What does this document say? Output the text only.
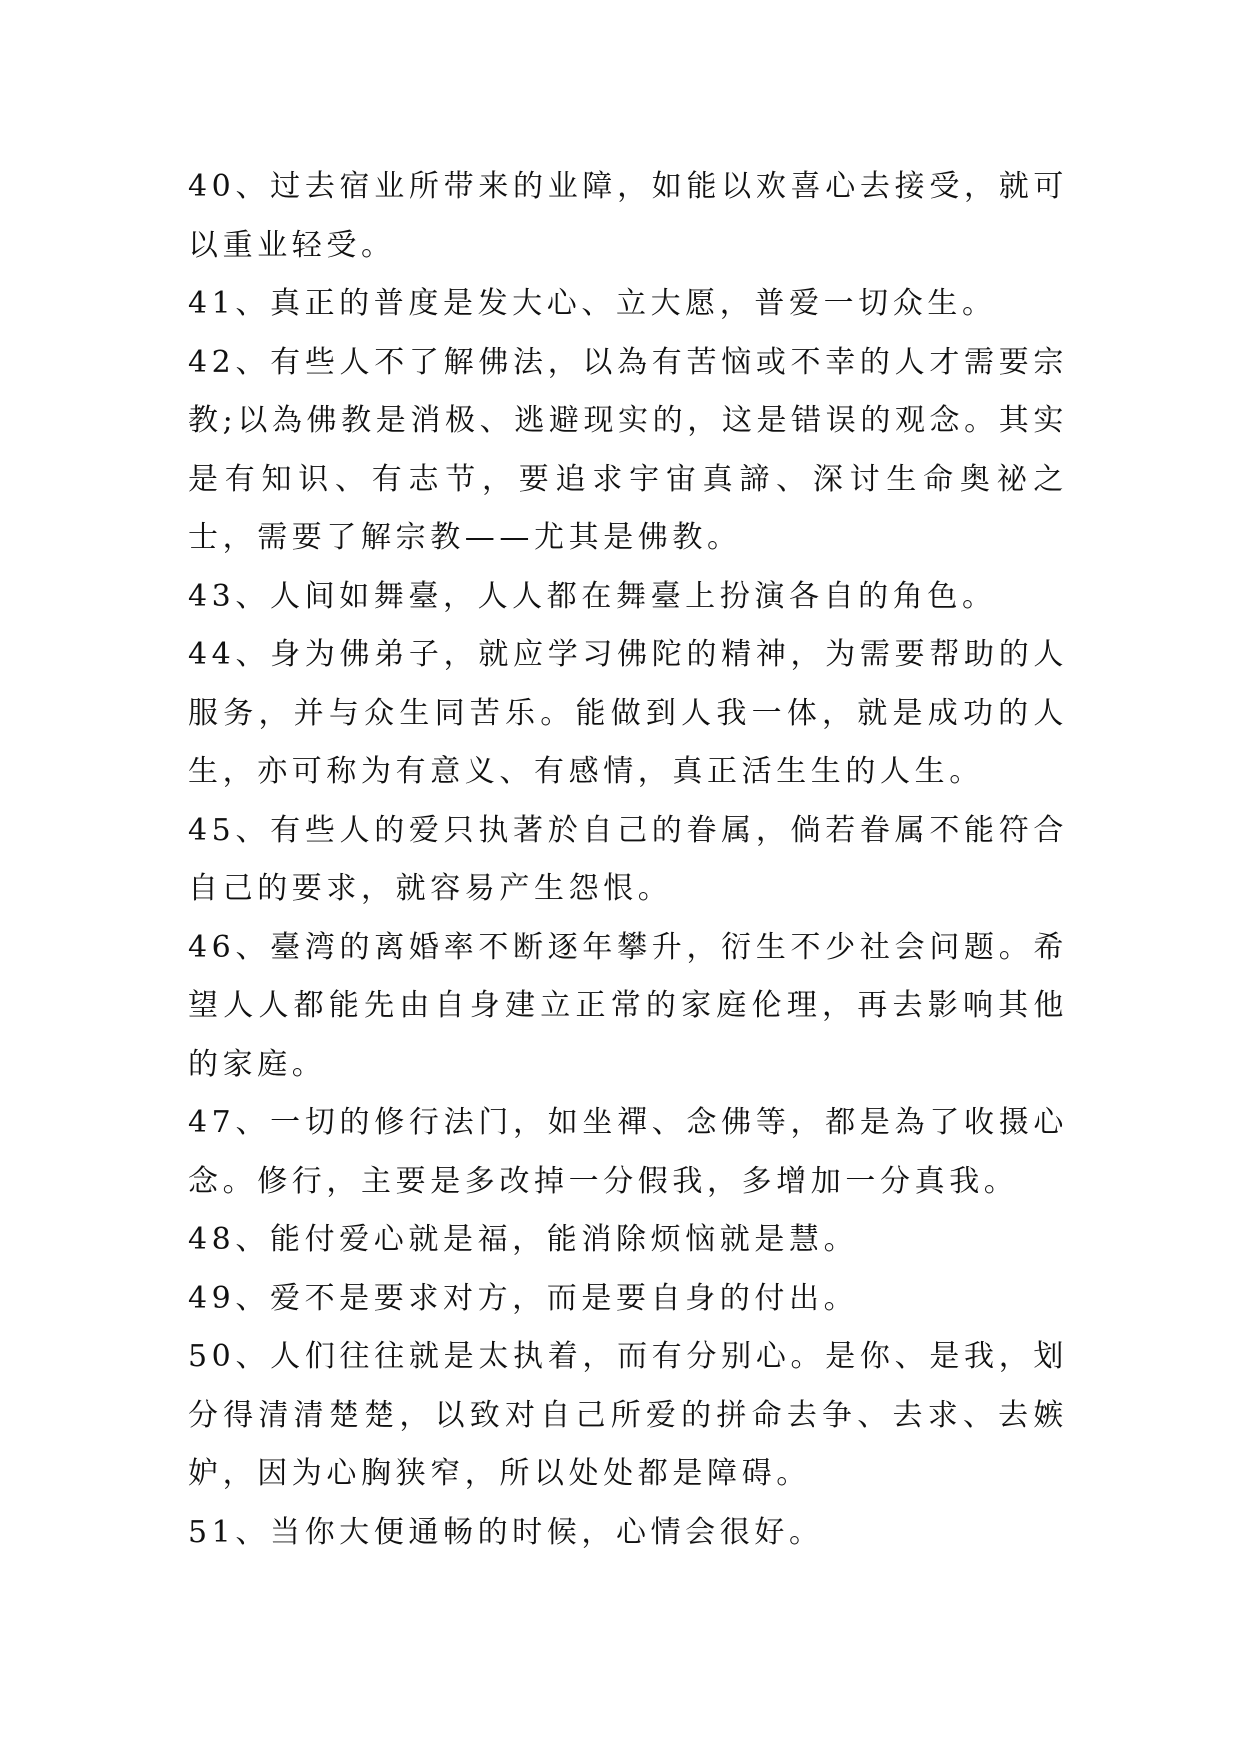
40、过去宿业所带来的业障，如能以欢喜心去接受，就可以重业轻受。

41、真正的普度是发大心、立大愿，普爱一切众生。

42、有些人不了解佛法，以為有苦恼或不幸的人才需要宗教;以為佛教是消极、逃避现实的，这是错误的观念。其实是有知识、有志节，要追求宇宙真諦、深讨生命奥祕之士，需要了解宗教——尤其是佛教。

43、人间如舞臺，人人都在舞臺上扮演各自的角色。

44、身为佛弟子，就应学习佛陀的精神，为需要帮助的人服务，并与众生同苦乐。能做到人我一体，就是成功的人生，亦可称为有意义、有感情，真正活生生的人生。

45、有些人的爱只执著於自己的眷属，倘若眷属不能符合自己的要求，就容易产生怨恨。

46、臺湾的离婚率不断逐年攀升，衍生不少社会问题。希望人人都能先由自身建立正常的家庭伦理，再去影响其他的家庭。

47、一切的修行法门，如坐禪、念佛等，都是為了收摄心念。修行，主要是多改掉一分假我，多增加一分真我。

48、能付爱心就是福，能消除烦恼就是慧。

49、爱不是要求对方，而是要自身的付出。

50、人们往往就是太执着，而有分别心。是你、是我，划分得清清楚楚，以致对自己所爱的拼命去争、去求、去嫉妒，因为心胸狭窄，所以处处都是障碍。

51、当你大便通畅的时候，心情会很好。
